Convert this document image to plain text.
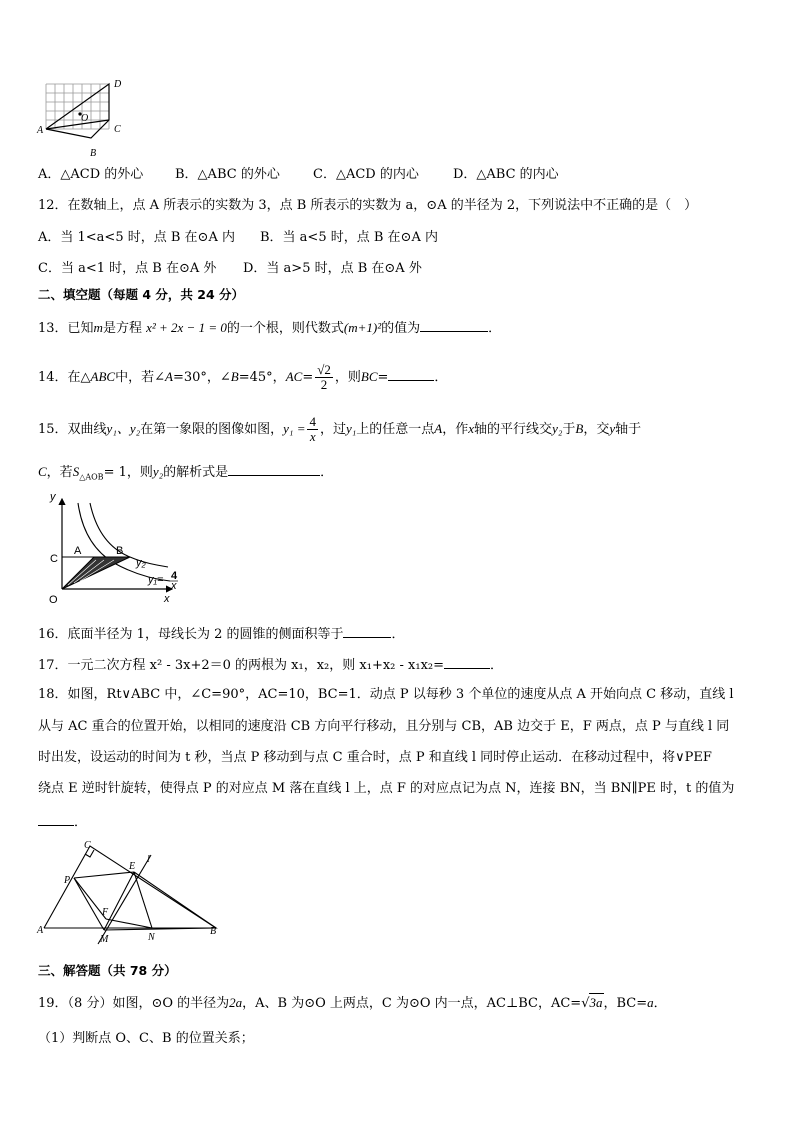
D
O
A	C
B
A．△ACD 的外心 B．△ABC 的外心	C．△ACD 的内心	D．△ABC 的内心
12．在数轴上，点 A 所表示的实数为 3，点 B 所表示的实数为 a，⊙A 的半径为 2，下列说法中不正确的是（　）
A．当 1<a<5 时，点 B 在⊙A 内 B．当 a<5 时，点 B 在⊙A 内
C．当 a<1 时，点 B 在⊙A 外 D．当 a>5 时，点 B 在⊙A 外
二、填空题（每题 4 分，共 24 分）
13．已知m是方程 x² + 2x − 1 = 0的一个根，则代数式(m+1)²的值为	．
14．在△ABC中，若∠A=30°，∠B=45°，$AC= \frac{√2}{2}$ ，则BC=	．
15．双曲线y₁、y₂在第一象限的图像如图，$y_1 = \frac{4}{x}$ ，过y₁上的任意一点A，作x轴的平行线交y₂于B，交y轴于
C，若$S_{\triangle AOB}= 1$，则y₂的解析式是	．
y
C
A	B
y₂
y₁= 4
x
O	x
16．底面半径为 1，母线长为 2 的圆锥的侧面积等于	．
17．一元二次方程 x² - 3x+2＝0 的两根为 x₁，x₂，则 x₁+x₂ - x₁x₂=	．
18．如图，Rt∨ABC 中，∠C=90°，AC=10，BC=1．动点 P 以每秒 3 个单位的速度从点 A 开始向点 C 移动，直线 l
从与 AC 重合的位置开始，以相同的速度沿 CB 方向平行移动，且分别与 CB，AB 边交于 E，F 两点，点 P 与直线 l 同
时出发，设运动的时间为 t 秒，当点 P 移动到与点 C 重合时，点 P 和直线 l 同时停止运动．在移动过程中，将∨PEF
绕点 E 逆时针旋转，使得点 P 的对应点 M 落在直线 l 上，点 F 的对应点记为点 N，连接 BN，当 BN∥PE 时，t 的值为
．
C
E
l
P
F
A
M	N
B
三、解答题（共 78 分）
19．（8 分）如图，⊙O 的半径为2a，A、B 为⊙O 上两点，C 为⊙O 内一点，AC⊥BC，AC=√3a，BC=a．
（1）判断点 O、C、B 的位置关系；
